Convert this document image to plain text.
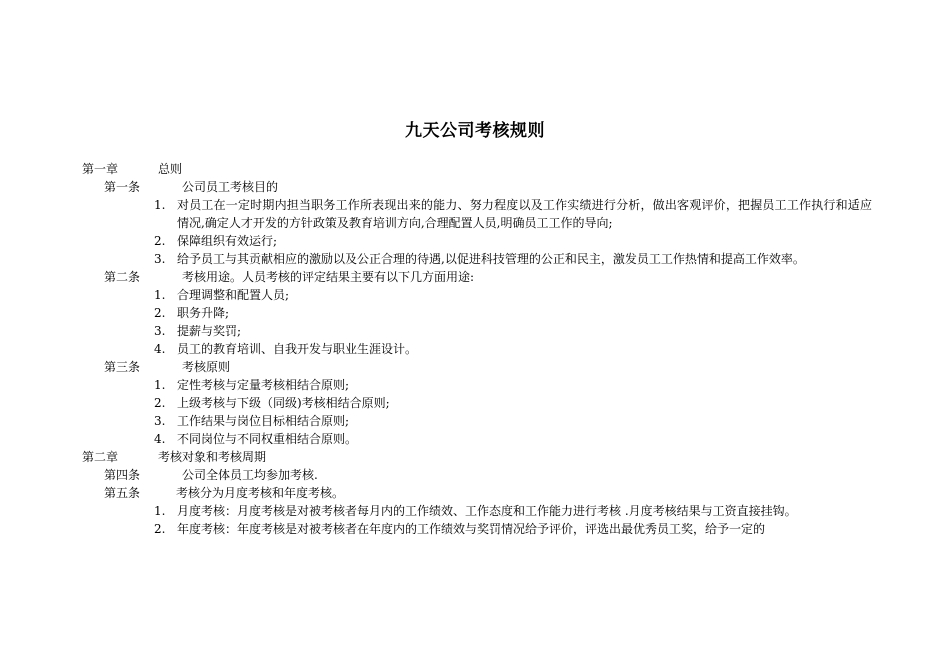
九天公司考核规则
第一章	总则
第一条	公司员工考核目的
1. 对员工在一定时期内担当职务工作所表现出来的能力、努力程度以及工作实绩进行分析，做出客观评价，把握员工工作执行和适应情况,确定人才开发的方针政策及教育培训方向,合理配置人员,明确员工工作的导向;
2. 保障组织有效运行;
3. 给予员工与其贡献相应的激励以及公正合理的待遇,以促进科技管理的公正和民主，激发员工工作热情和提高工作效率。
第二条	考核用途。人员考核的评定结果主要有以下几方面用途:
1. 合理调整和配置人员;
2. 职务升降;
3. 提薪与奖罚;
4. 员工的教育培训、自我开发与职业生涯设计。
第三条	考核原则
1. 定性考核与定量考核相结合原则;
2. 上级考核与下级（同级)考核相结合原则;
3. 工作结果与岗位目标相结合原则;
4. 不同岗位与不同权重相结合原则。
第二章	考核对象和考核周期
第四条	公司全体员工均参加考核.
第五条	考核分为月度考核和年度考核。
1. 月度考核：月度考核是对被考核者每月内的工作绩效、工作态度和工作能力进行考核 .月度考核结果与工资直接挂钩。
2. 年度考核：年度考核是对被考核者在年度内的工作绩效与奖罚情况给予评价，评选出最优秀员工奖，给予一定的
